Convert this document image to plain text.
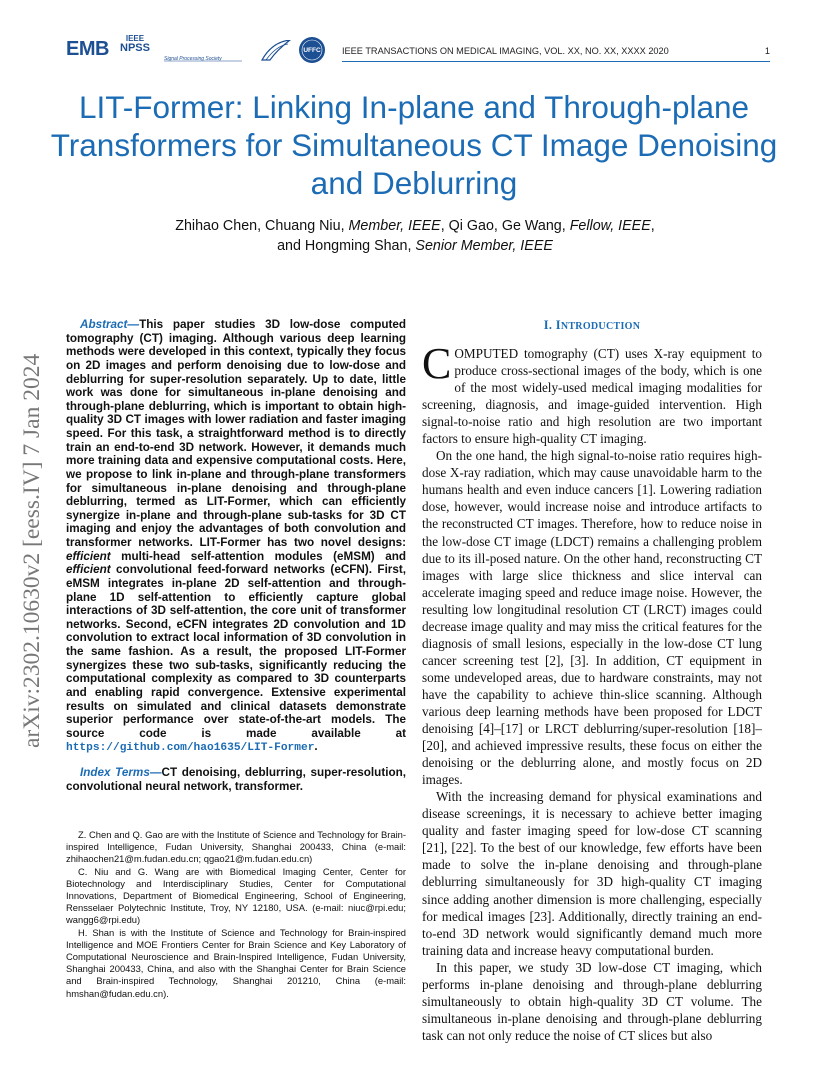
EMB IEEE
NPSS
Signal Processing Society
UFFC IEEE TRANSACTIONS ON MEDICAL IMAGING, VOL. XX, NO. XX, XXXX 2020	1
LIT-Former: Linking In-plane and Through-plane Transformers for Simultaneous CT Image Denoising and Deblurring
Zhihao Chen, Chuang Niu, Member, IEEE, Qi Gao, Ge Wang, Fellow, IEEE,
and Hongming Shan, Senior Member, IEEE
arXiv:2302.10630v2 [eess.IV] 7 Jan 2024

Abstract—This paper studies 3D low-dose computed tomography (CT) imaging. Although various deep learning methods were developed in this context, typically they focus on 2D images and perform denoising due to low-dose and deblurring for super-resolution separately. Up to date, little work was done for simultaneous in-plane denoising and through-plane deblurring, which is important to obtain high-quality 3D CT images with lower radiation and faster imaging speed. For this task, a straightforward method is to directly train an end-to-end 3D network. However, it demands much more training data and expensive computational costs. Here, we propose to link in-plane and through-plane transformers for simultaneous in-plane denoising and through-plane deblurring, termed as LIT-Former, which can efficiently synergize in-plane and through-plane sub-tasks for 3D CT imaging and enjoy the advantages of both convolution and transformer networks. LIT-Former has two novel designs: efficient multi-head self-attention modules (eMSM) and efficient convolutional feed-forward networks (eCFN). First, eMSM integrates in-plane 2D self-attention and through-plane 1D self-attention to efficiently capture global interactions of 3D self-attention, the core unit of transformer networks. Second, eCFN integrates 2D convolution and 1D convolution to extract local information of 3D convolution in the same fashion. As a result, the proposed LIT-Former synergizes these two sub-tasks, significantly reducing the computational complexity as compared to 3D counterparts and enabling rapid convergence. Extensive experimental results on simulated and clinical datasets demonstrate superior performance over state-of-the-art models. The source code is made available at https://github.com/hao1635/LIT-Former.

Index Terms—CT denoising, deblurring, super-resolution, convolutional neural network, transformer.

Z. Chen and Q. Gao are with the Institute of Science and Technology for Brain-inspired Intelligence, Fudan University, Shanghai 200433, China (e-mail: zhihaochen21@m.fudan.edu.cn; qgao21@m.fudan.edu.cn)

C. Niu and G. Wang are with Biomedical Imaging Center, Center for Biotechnology and Interdisciplinary Studies, Center for Computational Innovations, Department of Biomedical Engineering, School of Engineering, Rensselaer Polytechnic Institute, Troy, NY 12180, USA. (e-mail: niuc@rpi.edu; wangg6@rpi.edu)

H. Shan is with the Institute of Science and Technology for Brain-inspired Intelligence and MOE Frontiers Center for Brain Science and Key Laboratory of Computational Neuroscience and Brain-Inspired Intelligence, Fudan University, Shanghai 200433, China, and also with the Shanghai Center for Brain Science and Brain-inspired Technology, Shanghai 201210, China (e-mail: hmshan@fudan.edu.cn).

I. INTRODUCTION

COMPUTED tomography (CT) uses X-ray equipment to produce cross-sectional images of the body, which is one of the most widely-used medical imaging modalities for screening, diagnosis, and image-guided intervention. High signal-to-noise ratio and high resolution are two important factors to ensure high-quality CT imaging.

On the one hand, the high signal-to-noise ratio requires high-dose X-ray radiation, which may cause unavoidable harm to the humans health and even induce cancers [1]. Lowering radiation dose, however, would increase noise and introduce artifacts to the reconstructed CT images. Therefore, how to reduce noise in the low-dose CT image (LDCT) remains a challenging problem due to its ill-posed nature. On the other hand, reconstructing CT images with large slice thickness and slice interval can accelerate imaging speed and reduce image noise. However, the resulting low longitudinal resolution CT (LRCT) images could decrease image quality and may miss the critical features for the diagnosis of small lesions, especially in the low-dose CT lung cancer screening test [2], [3]. In addition, CT equipment in some undeveloped areas, due to hardware constraints, may not have the capability to achieve thin-slice scanning. Although various deep learning methods have been proposed for LDCT denoising [4]–[17] or LRCT deblurring/super-resolution [18]–[20], and achieved impressive results, these focus on either the denoising or the deblurring alone, and mostly focus on 2D images.

With the increasing demand for physical examinations and disease screenings, it is necessary to achieve better imaging quality and faster imaging speed for low-dose CT scanning [21], [22]. To the best of our knowledge, few efforts have been made to solve the in-plane denoising and through-plane deblurring simultaneously for 3D high-quality CT imaging since adding another dimension is more challenging, especially for medical images [23]. Additionally, directly training an end-to-end 3D network would significantly demand much more training data and increase heavy computational burden.

In this paper, we study 3D low-dose CT imaging, which performs in-plane denoising and through-plane deblurring simultaneously to obtain high-quality 3D CT volume. The simultaneous in-plane denoising and through-plane deblurring task can not only reduce the noise of CT slices but also
